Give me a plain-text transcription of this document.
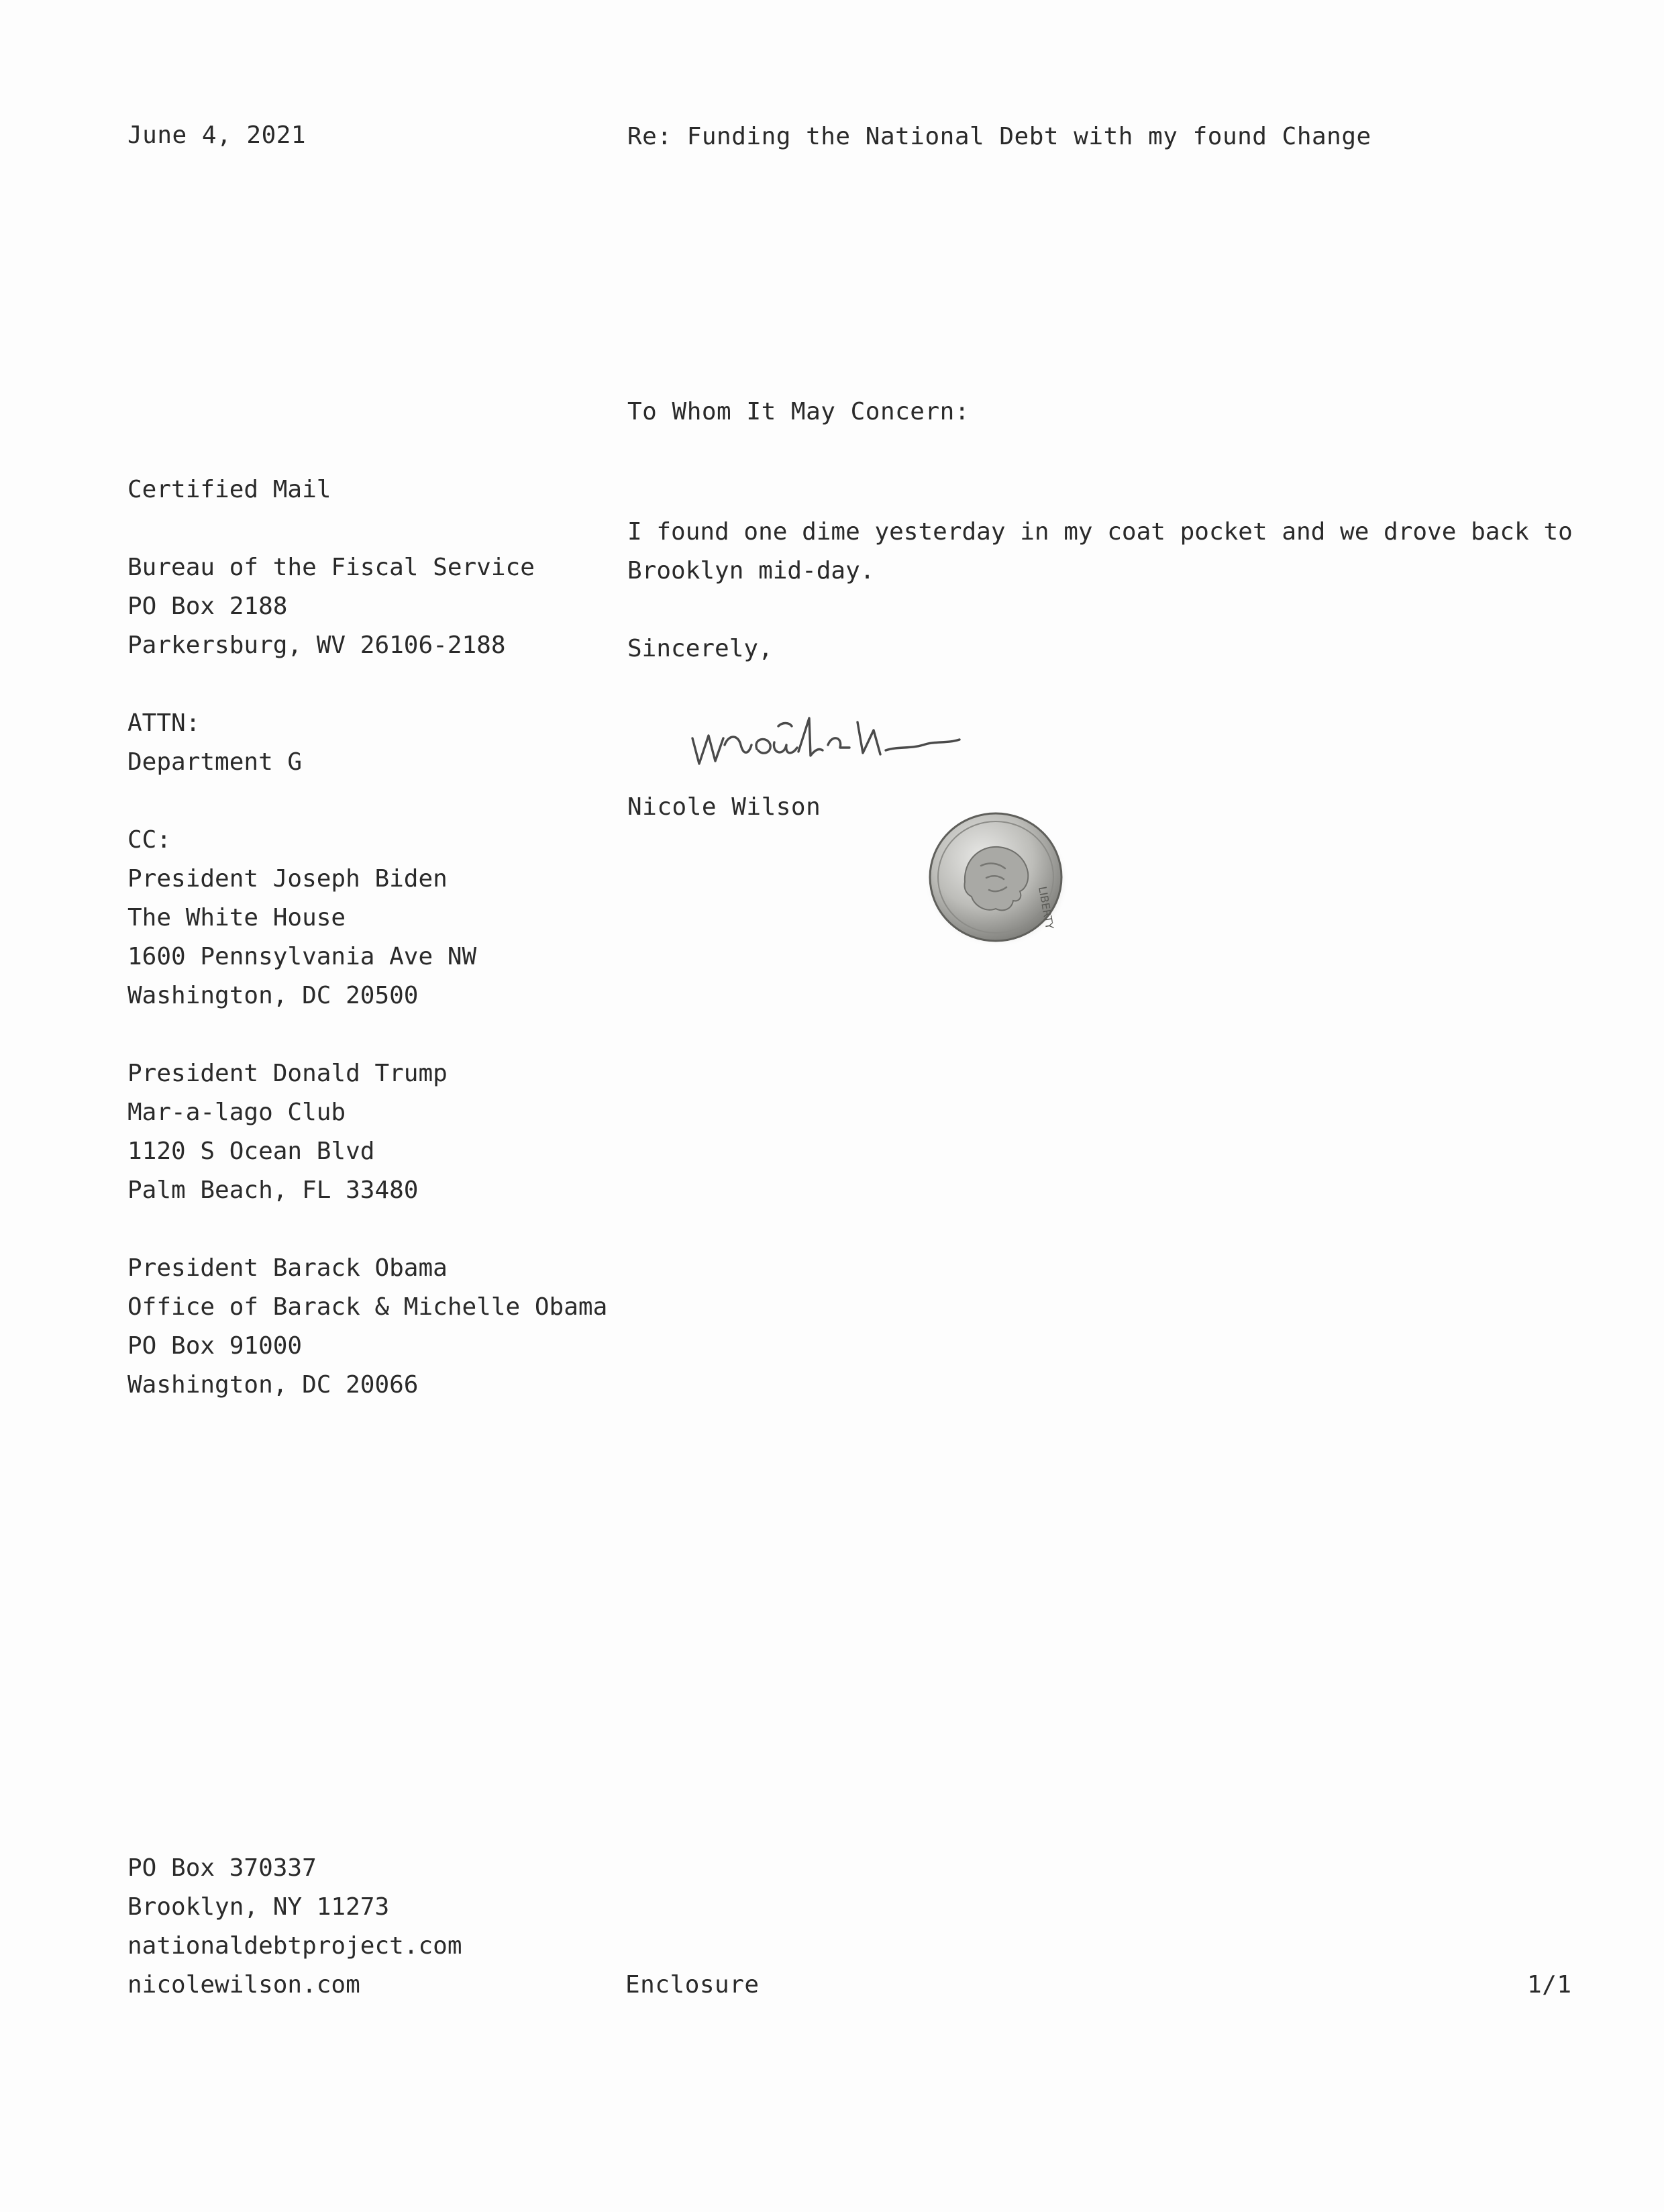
June 4, 2021	Re: Funding the National Debt with my found Change
To Whom It May Concern:
Certified Mail
Bureau of the Fiscal Service
PO Box 2188
Parkersburg, WV 26106-2188
ATTN:
Department G
CC:
President Joseph Biden
The White House
1600 Pennsylvania Ave NW
Washington, DC 20500
President Donald Trump
Mar-a-lago Club
1120 S Ocean Blvd
Palm Beach, FL 33480
President Barack Obama
Office of Barack & Michelle Obama
PO Box 91000
Washington, DC 20066
I found one dime yesterday in my coat pocket and we drove back to
Brooklyn mid-day.
Sincerely,
Nicole Wilson
LIBERTY
PO Box 370337
Brooklyn, NY 11273
nationaldebtproject.com
nicolewilson.com	Enclosure	1/1
